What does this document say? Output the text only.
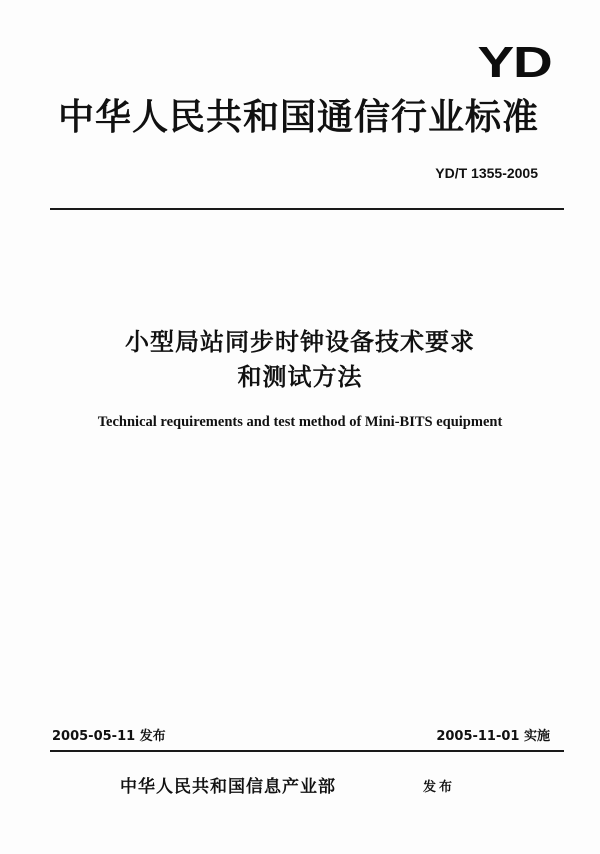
YD
中华人民共和国通信行业标准
YD/T 1355-2005
小型局站同步时钟设备技术要求
和测试方法
Technical requirements and test method of Mini-BITS equipment
2005-05-11 发布	2005-11-01 实施
中华人民共和国信息产业部	发布
